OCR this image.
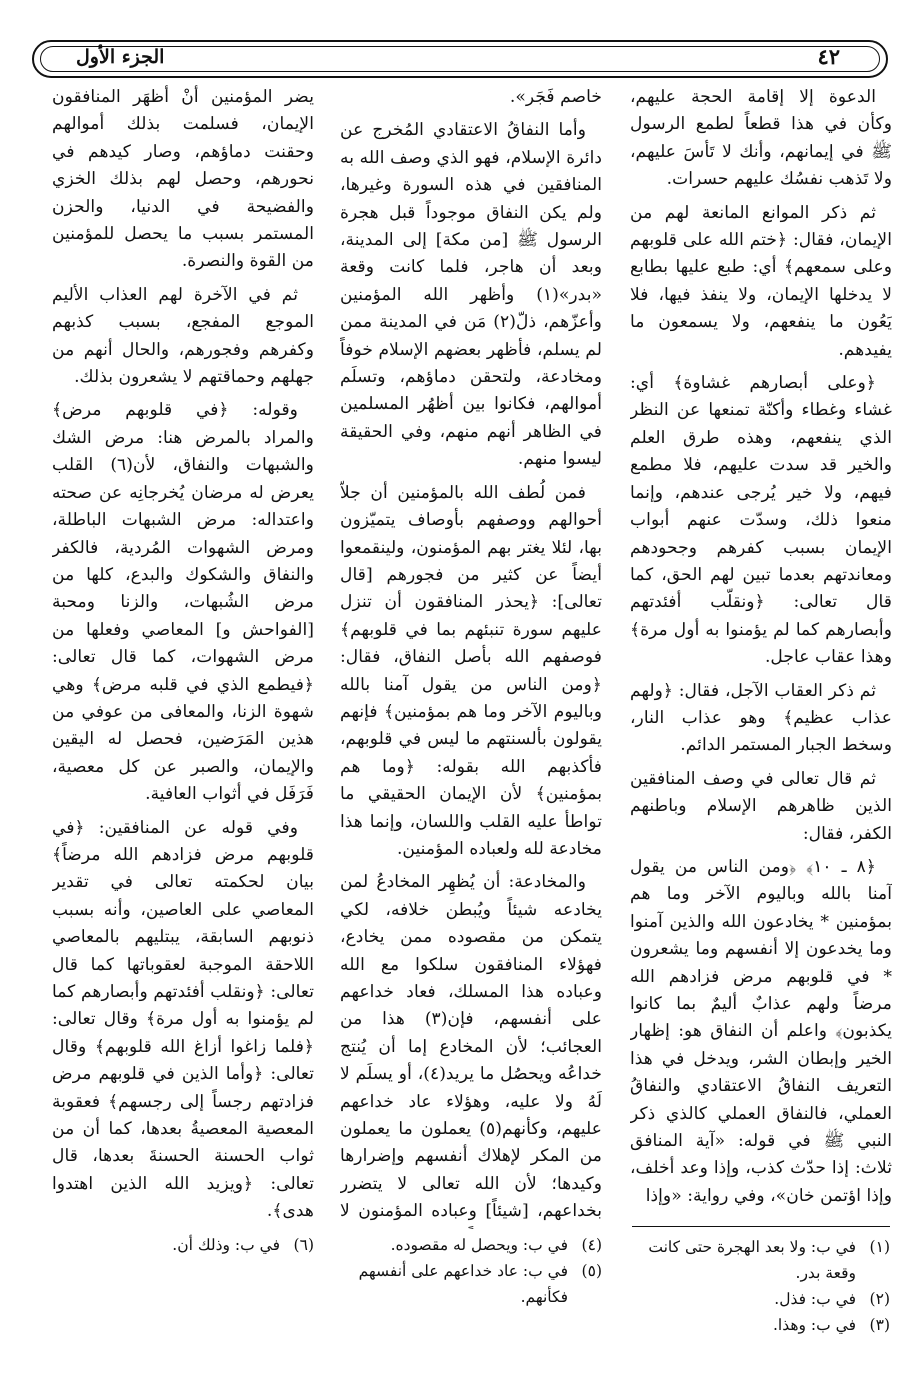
٤٢
الجزء الأول

الدعوة إلا إقامة الحجة عليهم، وكأن في هذا قطعاً لطمع الرسول ﷺ في إيمانهم، وأنك لا تَأسَ عليهم، ولا تَذهب نفسُك عليهم حسرات.

ثم ذكر الموانع المانعة لهم من الإيمان، فقال: ﴿ختم الله على قلوبهم وعلى سمعهم﴾ أي: طبع عليها بطابع لا يدخلها الإيمان، ولا ينفذ فيها، فلا يَعُون ما ينفعهم، ولا يسمعون ما يفيدهم.

﴿وعلى أبصارهم غشاوة﴾ أي: غشاء وغطاء وأكنّة تمنعها عن النظر الذي ينفعهم، وهذه طرق العلم والخير قد سدت عليهم، فلا مطمع فيهم، ولا خير يُرجى عندهم، وإنما منعوا ذلك، وسدّت عنهم أبواب الإيمان بسبب كفرهم وجحودهم ومعاندتهم بعدما تبين لهم الحق، كما قال تعالى: ﴿ونقلّب أفئدتهم وأبصارهم كما لم يؤمنوا به أول مرة﴾ وهذا عقاب عاجل.

ثم ذكر العقاب الآجل، فقال: ﴿ولهم عذاب عظيم﴾ وهو عذاب النار، وسخط الجبار المستمر الدائم.

ثم قال تعالى في وصف المنافقين الذين ظاهرهم الإسلام وباطنهم الكفر، فقال:

﴿٨ ـ ١٠﴾ ﴿ومن الناس من يقول آمنا بالله وباليوم الآخر وما هم بمؤمنين * يخادعون الله والذين آمنوا وما يخدعون إلا أنفسهم وما يشعرون * في قلوبهم مرض فزادهم الله مرضاً ولهم عذابٌ أليمٌ بما كانوا يكذبون﴾ واعلم أن النفاق هو: إظهار الخير وإبطان الشر، ويدخل في هذا التعريف النفاقُ الاعتقادي والنفاقُ العملي، فالنفاق العملي كالذي ذكر النبي ﷺ في قوله: «آية المنافق ثلاث: إذا حدّث كذب، وإذا وعد أخلف، وإذا اؤتمن خان»، وفي رواية: «وإذا

خاصم فَجَر».

وأما النفاقُ الاعتقادي المُخرج عن دائرة الإسلام، فهو الذي وصف الله به المنافقين في هذه السورة وغيرها، ولم يكن النفاق موجوداً قبل هجرة الرسول ﷺ [من مكة] إلى المدينة، وبعد أن هاجر، فلما كانت وقعة «بدر»(١) وأظهر الله المؤمنين وأعزّهم، ذلّ(٢) مَن في المدينة ممن لم يسلم، فأظهر بعضهم الإسلام خوفاً ومخادعة، ولتحقن دماؤهم، وتسلَم أموالهم، فكانوا بين أظهُر المسلمين في الظاهر أنهم منهم، وفي الحقيقة ليسوا منهم.

فمن لُطف الله بالمؤمنين أن جلاّ أحوالهم ووصفهم بأوصاف يتميّزون بها، لئلا يغتر بهم المؤمنون، ولينقمعوا أيضاً عن كثير من فجورهم [قال تعالى]: ﴿يحذر المنافقون أن تنزل عليهم سورة تنبئهم بما في قلوبهم﴾ فوصفهم الله بأصل النفاق، فقال: ﴿ومن الناس من يقول آمنا بالله وباليوم الآخر وما هم بمؤمنين﴾ فإنهم يقولون بألسنتهم ما ليس في قلوبهم، فأكذبهم الله بقوله: ﴿وما هم بمؤمنين﴾ لأن الإيمان الحقيقي ما تواطأ عليه القلب واللسان، وإنما هذا مخادعة لله ولعباده المؤمنين.

والمخادعة: أن يُظهِر المخادعُ لمن يخادعه شيئاً ويُبطن خلافه، لكي يتمكن من مقصوده ممن يخادع، فهؤلاء المنافقون سلكوا مع الله وعباده هذا المسلك، فعاد خداعهم على أنفسهم، فإن(٣) هذا من العجائب؛ لأن المخادع إما أن يُنتج خداعُه ويحصُل ما يريد(٤)، أو يسلَم لا لَهُ ولا عليه، وهؤلاء عاد خداعهم عليهم، وكأنهم(٥) يعملون ما يعملون من المكر لإهلاك أنفسهم وإضرارها وكيدها؛ لأن الله تعالى لا يتضرر بخداعهم، [شيئاً] وعباده المؤمنون لا

يضر المؤمنين أنْ أظهَر المنافقون الإيمان، فسلمت بذلك أموالهم وحقنت دماؤهم، وصار كيدهم في نحورهم، وحصل لهم بذلك الخزي والفضيحة في الدنيا، والحزن المستمر بسبب ما يحصل للمؤمنين من القوة والنصرة.

ثم في الآخرة لهم العذاب الأليم الموجع المفجع، بسبب كذبهم وكفرهم وفجورهم، والحال أنهم من جهلهم وحماقتهم لا يشعرون بذلك.

وقوله: ﴿في قلوبهم مرض﴾ والمراد بالمرض هنا: مرض الشك والشبهات والنفاق، لأن(٦) القلب يعرض له مرضان يُخرجانِه عن صحته واعتداله: مرض الشبهات الباطلة، ومرض الشهوات المُردية، فالكفر والنفاق والشكوك والبدع، كلها من مرض الشُبهات، والزنا ومحبة [الفواحش و] المعاصي وفعلها من مرض الشهوات، كما قال تعالى: ﴿فيطمع الذي في قلبه مرض﴾ وهي شهوة الزنا، والمعافى من عوفي من هذين المَرَضين، فحصل له اليقين والإيمان، والصبر عن كل معصية، فَرَفَل في أثواب العافية.

وفي قوله عن المنافقين: ﴿في قلوبهم مرض فزادهم الله مرضاً﴾ بيان لحكمته تعالى في تقدير المعاصي على العاصين، وأنه بسبب ذنوبهم السابقة، يبتليهم بالمعاصي اللاحقة الموجبة لعقوباتها كما قال تعالى: ﴿ونقلب أفئدتهم وأبصارهم كما لم يؤمنوا به أول مرة﴾ وقال تعالى: ﴿فلما زاغوا أزاغ الله قلوبهم﴾ وقال تعالى: ﴿وأما الذين في قلوبهم مرض فزادتهم رجساً إلى رجسهم﴾ فعقوبة المعصية المعصيةُ بعدها، كما أن من ثواب الحسنة الحسنةَ بعدها، قال تعالى: ﴿ويزيد الله الذين اهتدوا هدى﴾.

(١)
في ب: ولا بعد الهجرة حتى كانت وقعة بدر.
(٢)
في ب: فذل.
(٣)
في ب: وهذا.
(٤)
في ب: ويحصل له مقصوده.
(٥)
في ب: عاد خداعهم على أنفسهم فكأنهم.
(٦)
في ب: وذلك أن.
